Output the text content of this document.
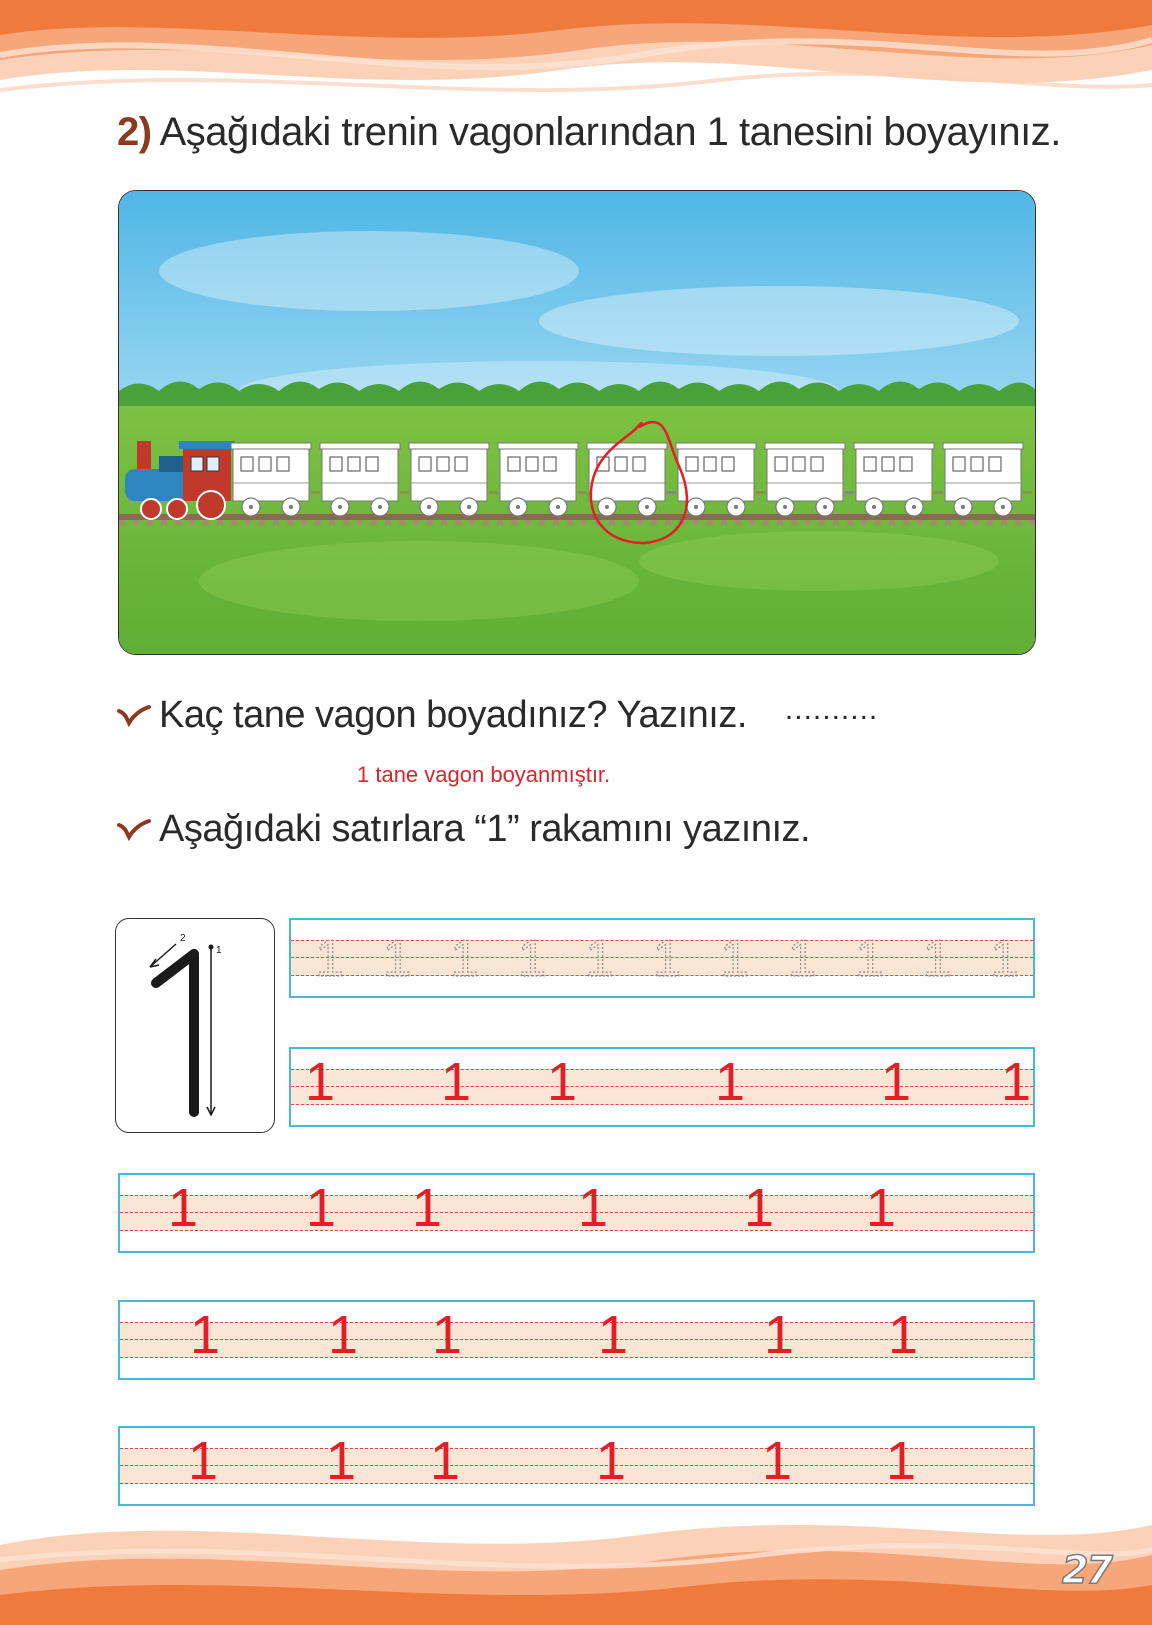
2) Aşağıdaki trenin vagonlarından 1 tanesini boyayınız.
Kaç tane vagon boyadınız? Yazınız. ..........
1 tane vagon boyanmıştır.
Aşağıdaki satırlara “1” rakamını yazınız.
2
1 1 1 1 1 1 1 1 1 1 1 1
1 1 1	1	1 1
1 1 1	1	1 1
1 1 1	1	1 1
1 1 1	1	1 1
27
